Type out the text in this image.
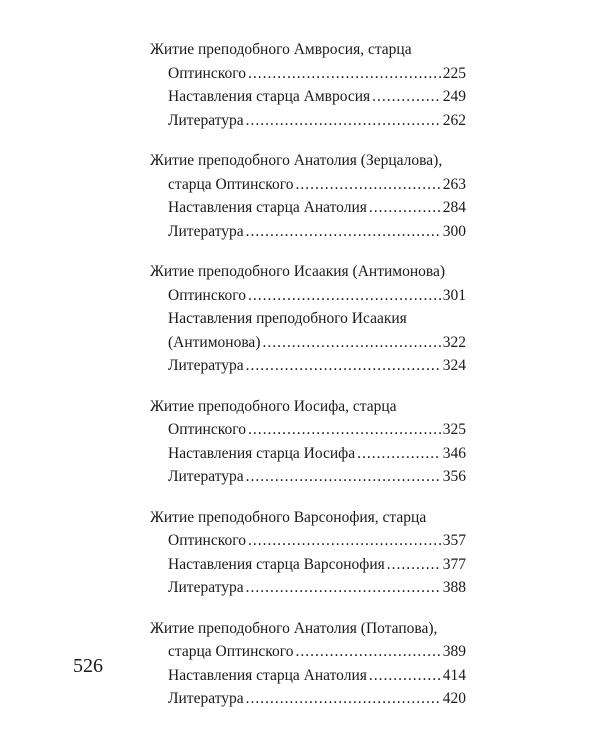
Житие преподобного Амвросия, старца
Оптинского .....	225
Наставления старца Амвросия .....	249
Литература .....	262
Житие преподобного Анатолия (Зерцалова),
старца Оптинского .....	263
Наставления старца Анатолия .....	284
Литература .....	300
Житие преподобного Исаакия (Антимонова)
Оптинского .....	301
Наставления преподобного Исаакия
(Антимонова) .....	322
Литература .....	324
Житие преподобного Иосифа, старца
Оптинского .....	325
Наставления старца Иосифа .....	346
Литература .....	356
Житие преподобного Варсонофия, старца
Оптинского .....	357
Наставления старца Варсонофия .....	377
Литература .....	388
Житие преподобного Анатолия (Потапова),
старца Оптинского .....	389
Наставления старца Анатолия .....	414
Литература .....	420
526
